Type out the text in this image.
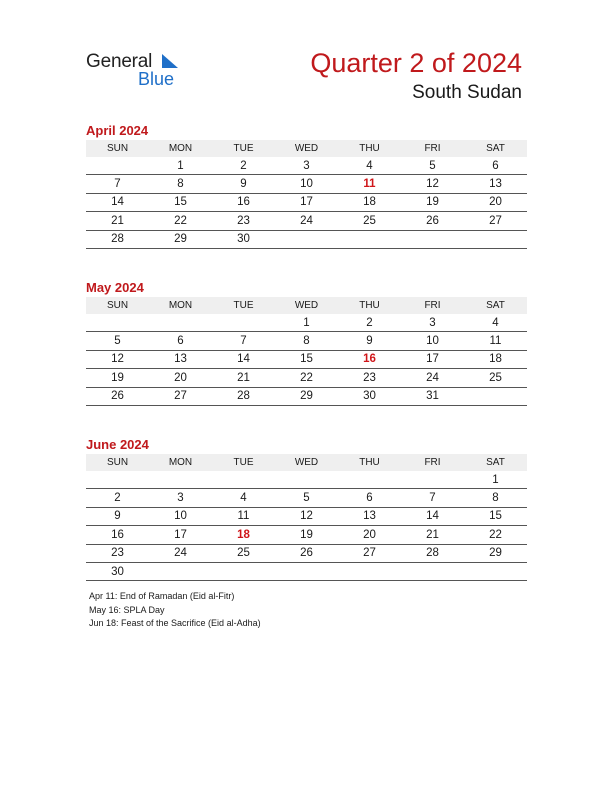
General
Blue
Quarter 2 of 2024
South Sudan
April 2024
SUN	MON	TUE	WED	THU	FRI	SAT
	1	2	3	4	5	6
7	8	9	10	11	12	13
14	15	16	17	18	19	20
21	22	23	24	25	26	27
28	29	30				
May 2024
SUN	MON	TUE	WED	THU	FRI	SAT
			1	2	3	4
5	6	7	8	9	10	11
12	13	14	15	16	17	18
19	20	21	22	23	24	25
26	27	28	29	30	31	
June 2024
SUN	MON	TUE	WED	THU	FRI	SAT
						1
2	3	4	5	6	7	8
9	10	11	12	13	14	15
16	17	18	19	20	21	22
23	24	25	26	27	28	29
30						
Apr 11: End of Ramadan (Eid al-Fitr)
May 16: SPLA Day
Jun 18: Feast of the Sacrifice (Eid al-Adha)
